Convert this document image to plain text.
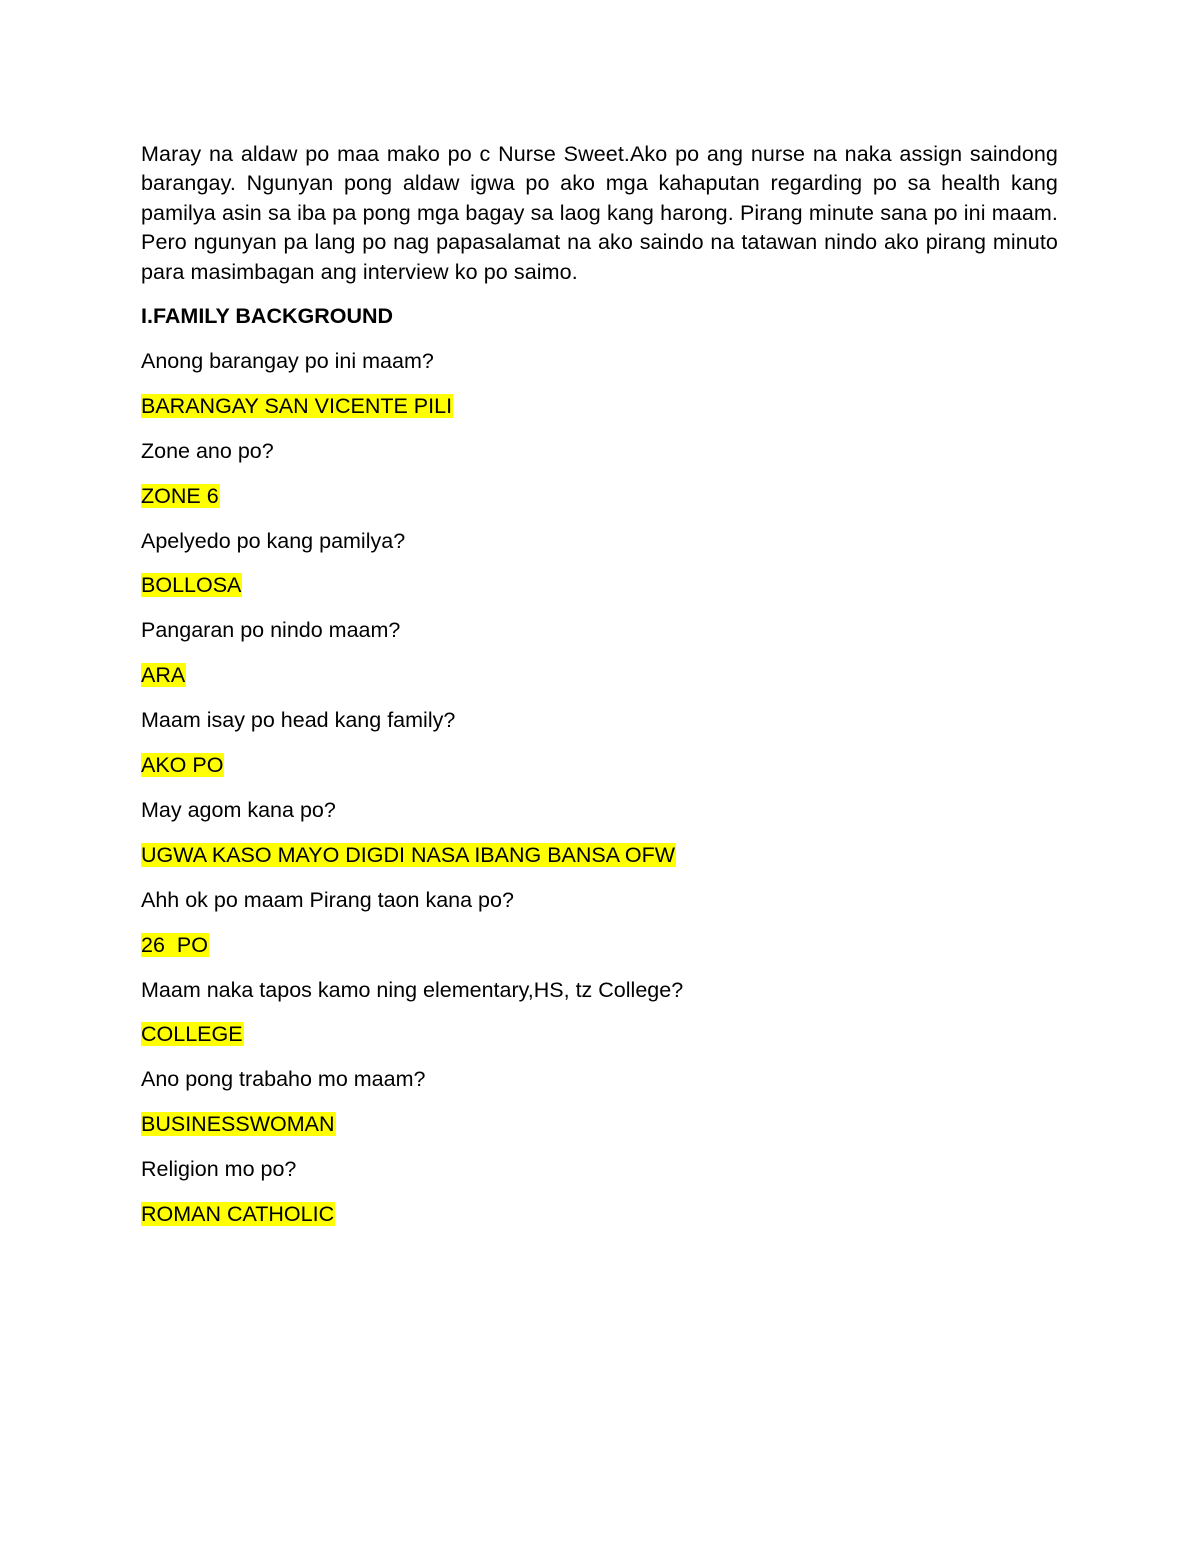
Maray na aldaw po maa mako po c Nurse Sweet.Ako po ang nurse na naka assign saindong barangay. Ngunyan pong aldaw igwa po ako mga kahaputan regarding po sa health kang pamilya asin sa iba pa pong mga bagay sa laog kang harong. Pirang minute sana po ini maam. Pero ngunyan pa lang po nag papasalamat na ako saindo na tatawan nindo ako pirang minuto para masimbagan ang interview ko po saimo.

I.FAMILY BACKGROUND
Anong barangay po ini maam?
BARANGAY SAN VICENTE PILI
Zone ano po?
ZONE 6
Apelyedo po kang pamilya?
BOLLOSA
Pangaran po nindo maam?
ARA
Maam isay po head kang family?
AKO PO
May agom kana po?
UGWA KASO MAYO DIGDI NASA IBANG BANSA OFW
Ahh ok po maam Pirang taon kana po?
26  PO
Maam naka tapos kamo ning elementary,HS, tz College?
COLLEGE
Ano pong trabaho mo maam?
BUSINESSWOMAN
Religion mo po?
ROMAN CATHOLIC
